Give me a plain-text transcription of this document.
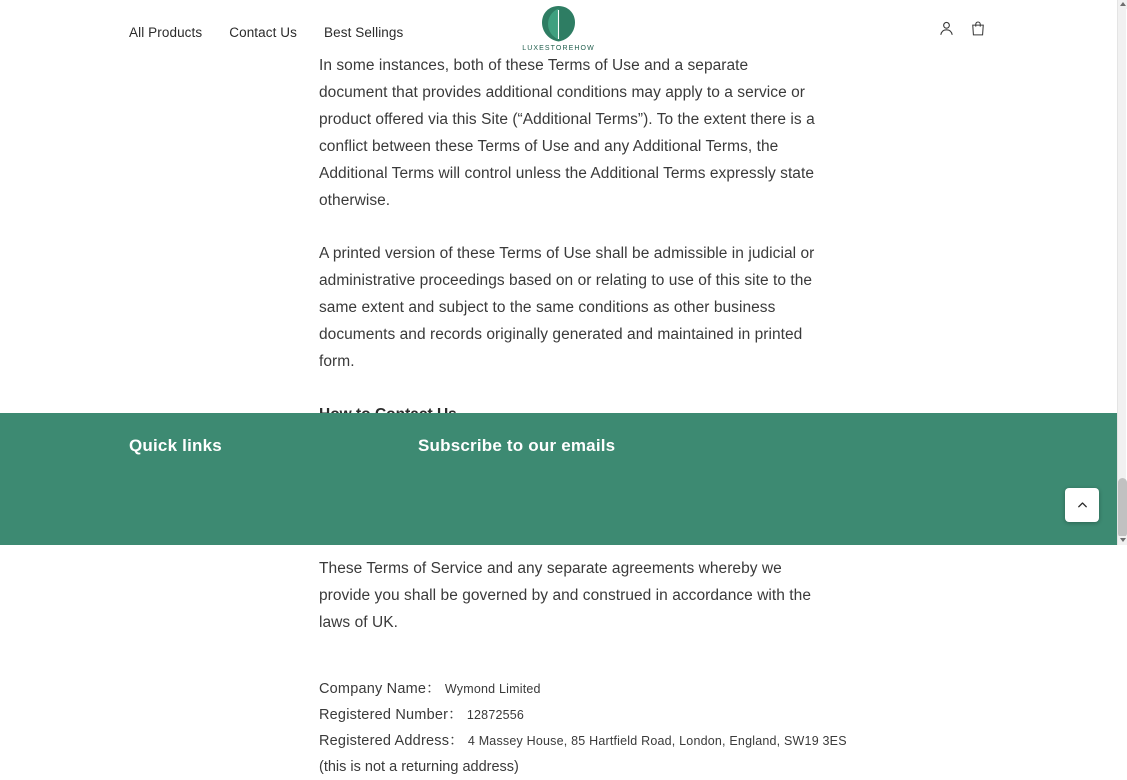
All Products Contact Us Best Sellings
LUXESTOREHOW

In some instances, both of these Terms of Use and a separate document that provides additional conditions may apply to a service or product offered via this Site (“Additional Terms”). To the extent there is a conflict between these Terms of Use and any Additional Terms, the Additional Terms will control unless the Additional Terms expressly state otherwise.

A printed version of these Terms of Use shall be admissible in judicial or administrative proceedings based on or relating to use of this site to the same extent and subject to the same conditions as other business documents and records originally generated and maintained in printed form.

These Terms of Service and any separate agreements whereby we provide you shall be governed by and construed in accordance with the laws of UK.

Company Name： Wymond Limited
Registered Number： 12872556
Registered Address： 4 Massey House, 85 Hartfield Road, London, England, SW19 3ES
(this is not a returning address)
Quick links	Subscribe to our emails
